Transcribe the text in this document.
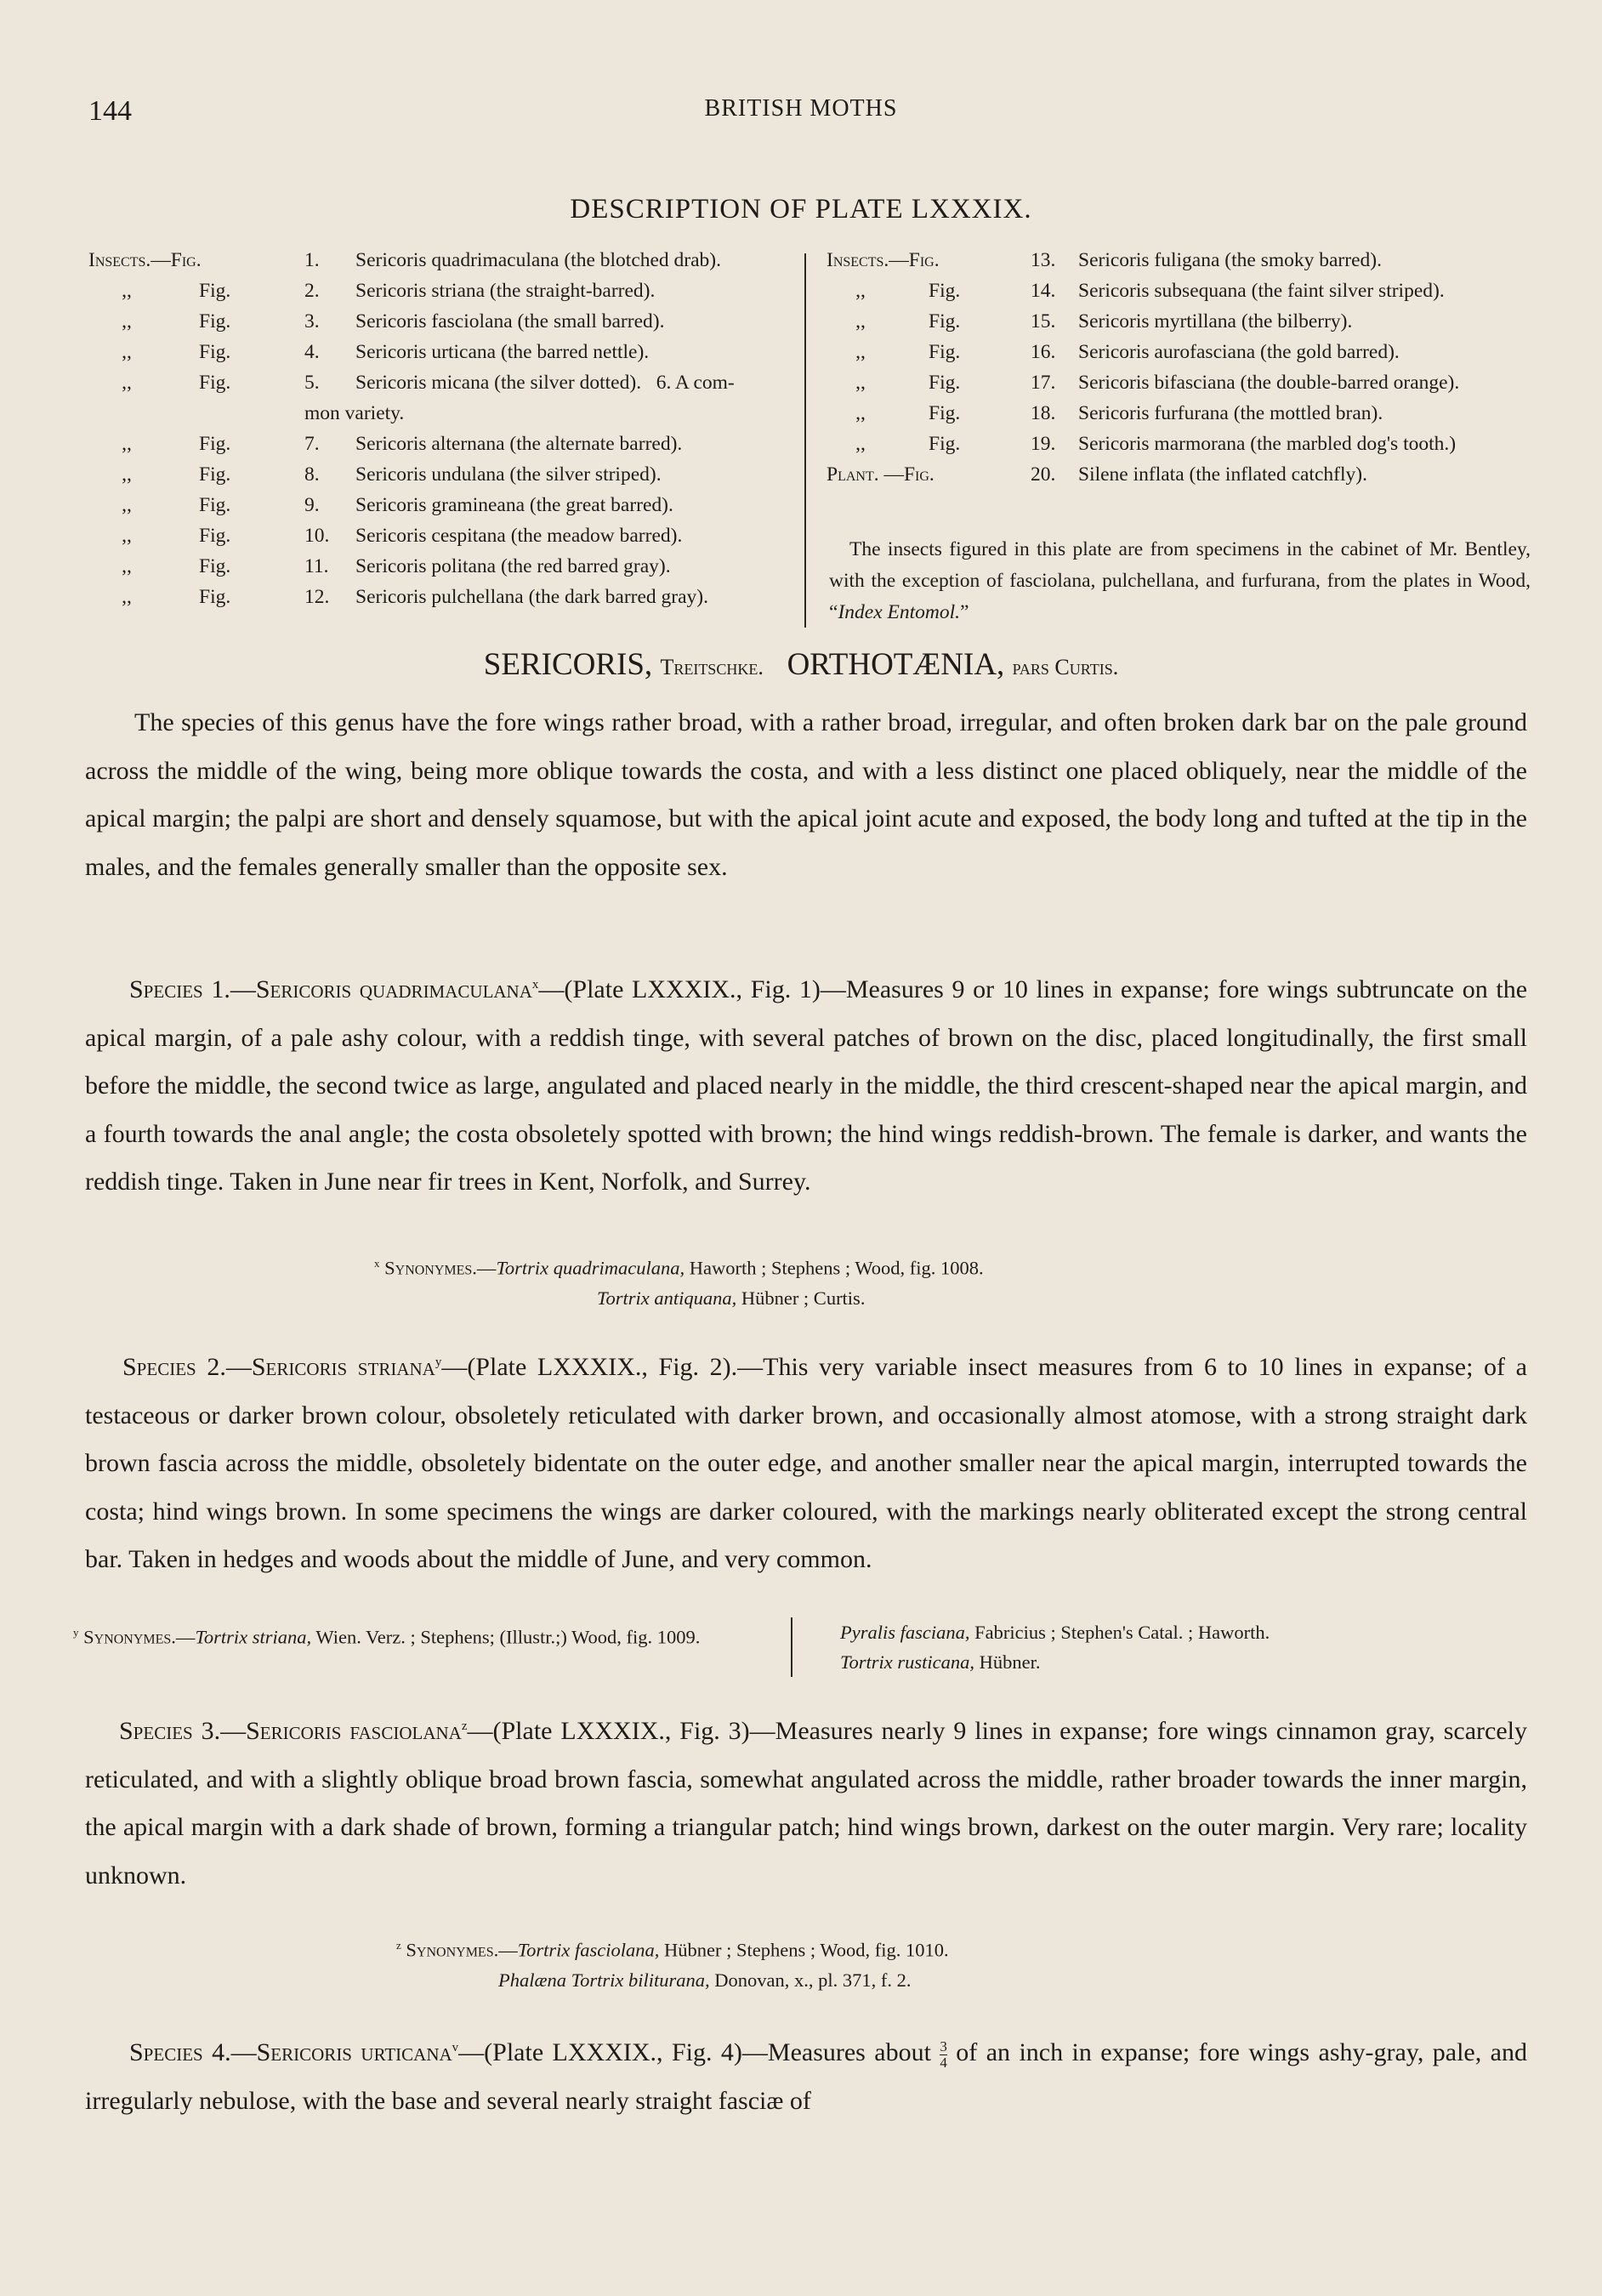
144	BRITISH MOTHS
DESCRIPTION OF PLATE LXXXIX.
Insects.—Fig.	1.	Sericoris quadrimaculana (the blotched drab).
,,	Fig.	2.	Sericoris striana (the straight-barred).
,,	Fig.	3.	Sericoris fasciolana (the small barred).
,,	Fig.	4.	Sericoris urticana (the barred nettle).
,,	Fig.	5.	Sericoris micana (the silver dotted).   6. A com-
mon variety.
,,	Fig.	7.	Sericoris alternana (the alternate barred).
,,	Fig.	8.	Sericoris undulana (the silver striped).
,,	Fig.	9.	Sericoris gramineana (the great barred).
,,	Fig.	10.	Sericoris cespitana (the meadow barred).
,,	Fig.	11.	Sericoris politana (the red barred gray).
,,	Fig.	12.	Sericoris pulchellana (the dark barred gray).
Insects.—Fig.	13.	Sericoris fuligana (the smoky barred).
,,	Fig.	14.	Sericoris subsequana (the faint silver striped).
,,	Fig.	15.	Sericoris myrtillana (the bilberry).
,,	Fig.	16.	Sericoris aurofasciana (the gold barred).
,,	Fig.	17.	Sericoris bifasciana (the double-barred orange).
,,	Fig.	18.	Sericoris furfurana (the mottled bran).
,,	Fig.	19.	Sericoris marmorana (the marbled dog's tooth.)
Plant. —Fig.	20.	Silene inflata (the inflated catchfly).
The insects figured in this plate are from specimens in the cabinet of Mr. Bentley, with the exception of fasciolana, pulchellana, and furfurana, from the plates in Wood, “Index Entomol.”
SERICORIS, Treitschke. ORTHOTÆNIA, pars Curtis.
The species of this genus have the fore wings rather broad, with a rather broad, irregular, and often broken dark bar on the pale ground across the middle of the wing, being more oblique towards the costa, and with a less distinct one placed obliquely, near the middle of the apical margin; the palpi are short and densely squamose, but with the apical joint acute and exposed, the body long and tufted at the tip in the males, and the females generally smaller than the opposite sex.
Species 1.—Sericoris quadrimaculana$^x$—(Plate LXXXIX., Fig. 1)—Measures 9 or 10 lines in expanse; fore wings subtruncate on the apical margin, of a pale ashy colour, with a reddish tinge, with several patches of brown on the disc, placed longitudinally, the first small before the middle, the second twice as large, angulated and placed nearly in the middle, the third crescent-shaped near the apical margin, and a fourth towards the anal angle; the costa obsoletely spotted with brown; the hind wings reddish-brown. The female is darker, and wants the reddish tinge. Taken in June near fir trees in Kent, Norfolk, and Surrey.
$^x$ Synonymes.—Tortrix quadrimaculana, Haworth ; Stephens ; Wood, fig. 1008.
Tortrix antiquana, Hübner ; Curtis.
Species 2.—Sericoris striana$^y$—(Plate LXXXIX., Fig. 2).—This very variable insect measures from 6 to 10 lines in expanse; of a testaceous or darker brown colour, obsoletely reticulated with darker brown, and occasionally almost atomose, with a strong straight dark brown fascia across the middle, obsoletely bidentate on the outer edge, and another smaller near the apical margin, interrupted towards the costa; hind wings brown. In some specimens the wings are darker coloured, with the markings nearly obliterated except the strong central bar. Taken in hedges and woods about the middle of June, and very common.
$^y$ Synonymes.—Tortrix striana, Wien. Verz. ; Stephens; (Illustr.;) Wood, fig. 1009.	Pyralis fasciana, Fabricius ; Stephen's Catal. ; Haworth.
Tortrix rusticana, Hübner.
Species 3.—Sericoris fasciolana$^z$—(Plate LXXXIX., Fig. 3)—Measures nearly 9 lines in expanse; fore wings cinnamon gray, scarcely reticulated, and with a slightly oblique broad brown fascia, somewhat angulated across the middle, rather broader towards the inner margin, the apical margin with a dark shade of brown, forming a triangular patch; hind wings brown, darkest on the outer margin. Very rare; locality unknown.
$^z$ Synonymes.—Tortrix fasciolana, Hübner ; Stephens ; Wood, fig. 1010.
Phalæna Tortrix biliturаna, Donovan, x., pl. 371, f. 2.
Species 4.—Sericoris urticana$^v$—(Plate LXXXIX., Fig. 4)—Measures about $\frac{3}{4}$ of an inch in expanse; fore wings ashy-gray, pale, and irregularly nebulose, with the base and several nearly straight fasciæ of
